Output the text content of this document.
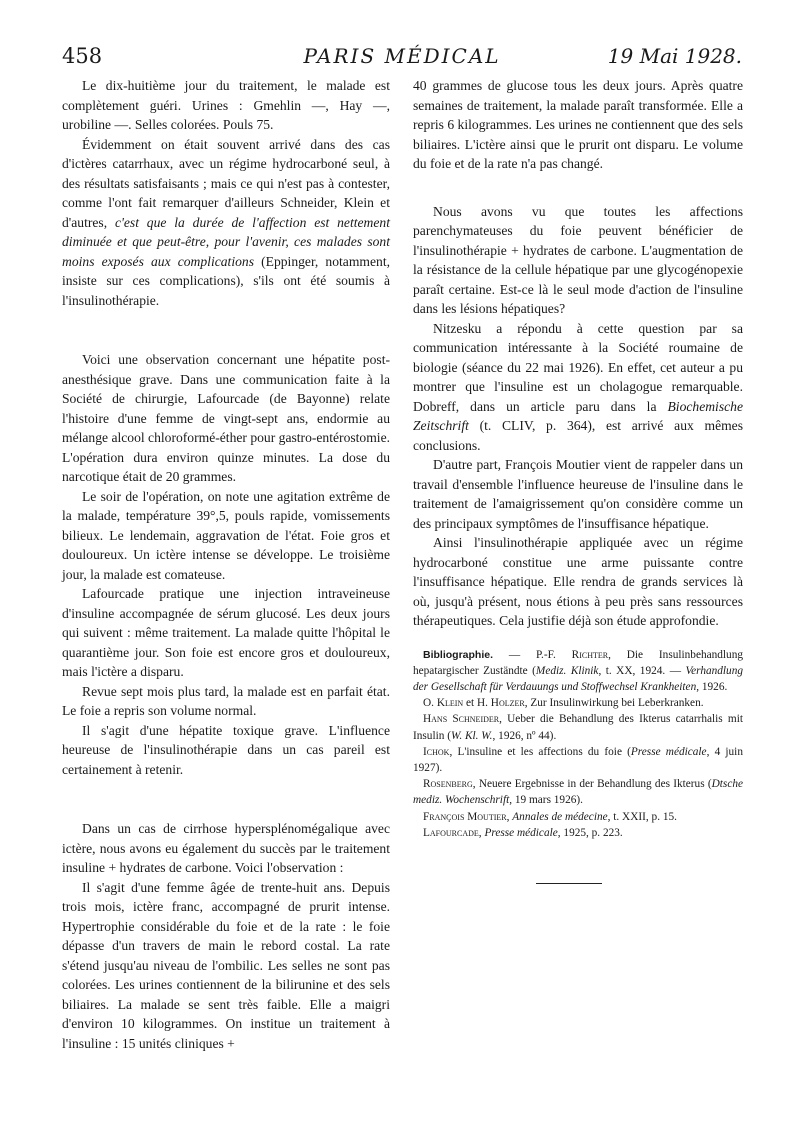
458	PARIS MÉDICAL	19 Mai 1928.

Le dix-huitième jour du traitement, le malade est complètement guéri. Urines : Gmehlin —, Hay —, urobiline —. Selles colorées. Pouls 75.

Évidemment on était souvent arrivé dans des cas d'ictères catarrhaux, avec un régime hydrocarboné seul, à des résultats satisfaisants ; mais ce qui n'est pas à contester, comme l'ont fait remarquer d'ailleurs Schneider, Klein et d'autres, c'est que la durée de l'affection est nettement diminuée et que peut-être, pour l'avenir, ces malades sont moins exposés aux complications (Eppinger, notamment, insiste sur ces complications), s'ils ont été soumis à l'insulinothérapie.

Voici une observation concernant une hépatite post-anesthésique grave. Dans une communication faite à la Société de chirurgie, Lafourcade (de Bayonne) relate l'histoire d'une femme de vingt-sept ans, endormie au mélange alcool chloroformé-éther pour gastro-entérostomie. L'opération dura environ quinze minutes. La dose du narcotique était de 20 grammes.

Le soir de l'opération, on note une agitation extrême de la malade, température 39°,5, pouls rapide, vomissements bilieux. Le lendemain, aggravation de l'état. Foie gros et douloureux. Un ictère intense se développe. Le troisième jour, la malade est comateuse.

Lafourcade pratique une injection intraveineuse d'insuline accompagnée de sérum glucosé. Les deux jours qui suivent : même traitement. La malade quitte l'hôpital le quarantième jour. Son foie est encore gros et douloureux, mais l'ictère a disparu.

Revue sept mois plus tard, la malade est en parfait état. Le foie a repris son volume normal.

Il s'agit d'une hépatite toxique grave. L'influence heureuse de l'insulinothérapie dans un cas pareil est certainement à retenir.

Dans un cas de cirrhose hypersplénomégalique avec ictère, nous avons eu également du succès par le traitement insuline + hydrates de carbone. Voici l'observation :

Il s'agit d'une femme âgée de trente-huit ans. Depuis trois mois, ictère franc, accompagné de prurit intense. Hypertrophie considérable du foie et de la rate : le foie dépasse d'un travers de main le rebord costal. La rate s'étend jusqu'au niveau de l'ombilic. Les selles ne sont pas colorées. Les urines contiennent de la bilirunine et des sels biliaires. La malade se sent très faible. Elle a maigri d'environ 10 kilogrammes. On institue un traitement à l'insuline : 15 unités cliniques +

40 grammes de glucose tous les deux jours. Après quatre semaines de traitement, la malade paraît transformée. Elle a repris 6 kilogrammes. Les urines ne contiennent que des sels biliaires. L'ictère ainsi que le prurit ont disparu. Le volume du foie et de la rate n'a pas changé.

Nous avons vu que toutes les affections parenchymateuses du foie peuvent bénéficier de l'insulinothérapie + hydrates de carbone. L'augmentation de la résistance de la cellule hépatique par une glycogénopexie paraît certaine. Est-ce là le seul mode d'action de l'insuline dans les lésions hépatiques?

Nitzesku a répondu à cette question par sa communication intéressante à la Société roumaine de biologie (séance du 22 mai 1926). En effet, cet auteur a pu montrer que l'insuline est un cholagogue remarquable. Dobreff, dans un article paru dans la Biochemische Zeitschrift (t. CLIV, p. 364), est arrivé aux mêmes conclusions.

D'autre part, François Moutier vient de rappeler dans un travail d'ensemble l'influence heureuse de l'insuline dans le traitement de l'amaigrissement qu'on considère comme un des principaux symptômes de l'insuffisance hépatique.

Ainsi l'insulinothérapie appliquée avec un régime hydrocarboné constitue une arme puissante contre l'insuffisance hépatique. Elle rendra de grands services là où, jusqu'à présent, nous étions à peu près sans ressources thérapeutiques. Cela justifie déjà son étude approfondie.

Bibliographie. — P.-F. Richter, Die Insulinbehandlung hepatargischer Zuständte (Mediz. Klinik, t. XX, 1924. — Verhandlung der Gesellschaft für Verdauungs und Stoffwechsel Krankheiten, 1926.

O. Klein et H. Holzer, Zur Insulinwirkung bei Leberkranken.

Hans Schneider, Ueber die Behandlung des Ikterus catarrhalis mit Insulin (W. Kl. W., 1926, nº 44).

Ichok, L'insuline et les affections du foie (Presse médicale, 4 juin 1927).

Rosenberg, Neuere Ergebnisse in der Behandlung des Ikterus (Dtsche mediz. Wochenschrift, 19 mars 1926).

François Moutier, Annales de médecine, t. XXII, p. 15.

Lafourcade, Presse médicale, 1925, p. 223.
